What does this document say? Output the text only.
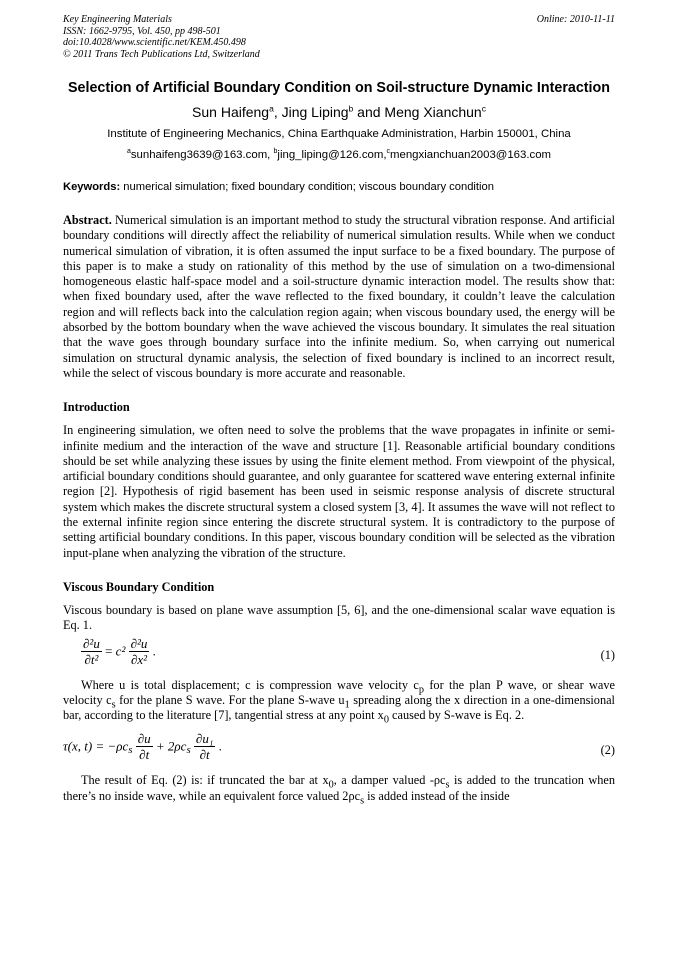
Key Engineering Materials
ISSN: 1662-9795, Vol. 450, pp 498-501
doi:10.4028/www.scientific.net/KEM.450.498
© 2011 Trans Tech Publications Ltd, Switzerland
Online: 2010-11-11
Selection of Artificial Boundary Condition on Soil-structure Dynamic Interaction
Sun Haifeng$^a$, Jing Liping$^b$ and Meng Xianchun$^c$
Institute of Engineering Mechanics, China Earthquake Administration, Harbin 150001, China
$^a$sunhaifeng3639@163.com, $^b$jing_liping@126.com,$^c$mengxianchuan2003@163.com
Keywords: numerical simulation; fixed boundary condition; viscous boundary condition

Abstract. Numerical simulation is an important method to study the structural vibration response. And artificial boundary conditions will directly affect the reliability of numerical simulation results. While when we conduct numerical simulation of vibration, it is often assumed the input surface to be a fixed boundary. The purpose of this paper is to make a study on rationality of this method by the use of simulation on a two-dimensional homogeneous elastic half-space model and a soil-structure dynamic interaction model. The results show that: when fixed boundary used, after the wave reflected to the fixed boundary, it couldn’t leave the calculation region and will reflects back into the calculation region again; when viscous boundary used, the energy will be absorbed by the bottom boundary when the wave achieved the viscous boundary. It simulates the real situation that the wave goes through boundary surface into the infinite medium. So, when carrying out numerical simulation on structural dynamic analysis, the selection of fixed boundary is inclined to an incorrect result, while the select of viscous boundary is more accurate and reasonable.

Introduction

In engineering simulation, we often need to solve the problems that the wave propagates in infinite or semi-infinite medium and the interaction of the wave and structure [1]. Reasonable artificial boundary conditions should be set while analyzing these issues by using the finite element method. From viewpoint of the physical, artificial boundary conditions should guarantee, and only guarantee for scattered wave entering external infinite region [2]. Hypothesis of rigid basement has been used in seismic response analysis of discrete structural system which makes the discrete structural system a closed system [3, 4]. It assumes the wave will not reflect to the external infinite region since entering the discrete structural system. It is contradictory to the purpose of setting artificial boundary conditions. In this paper, viscous boundary condition will be selected as the vibration input-plane when analyzing the vibration of the structure.

Viscous Boundary Condition

Viscous boundary is based on plane wave assumption [5, 6], and the one-dimensional scalar wave equation is Eq. 1.

$\frac{\text{∂²u}}{\text{∂t²}} = c^2 \frac{\text{∂²u}}{\text{∂x²}}$ .	(1)

Where u is total displacement; c is compression wave velocity $c_p$ for the plan P wave, or shear wave velocity $c_s$ for the plane S wave. For the plane S-wave $u_1$ spreading along the x direction in a one-dimensional bar, according to the literature [7], tangential stress at any point $x_0$ caused by S-wave is Eq. 2.

τ(x, $t) = -\rho c_s \frac{\partial u}{\partial t} + 2\rho c_s \frac{\text{∂u₁}}{\partial t}$ .	(2)

The result of Eq. (2) is: if truncated the bar at $x_0$, a damper valued $-\rho c_s$ is added to the truncation when there’s no inside wave, while an equivalent force valued $2\rho c_s$ is added instead of the inside
